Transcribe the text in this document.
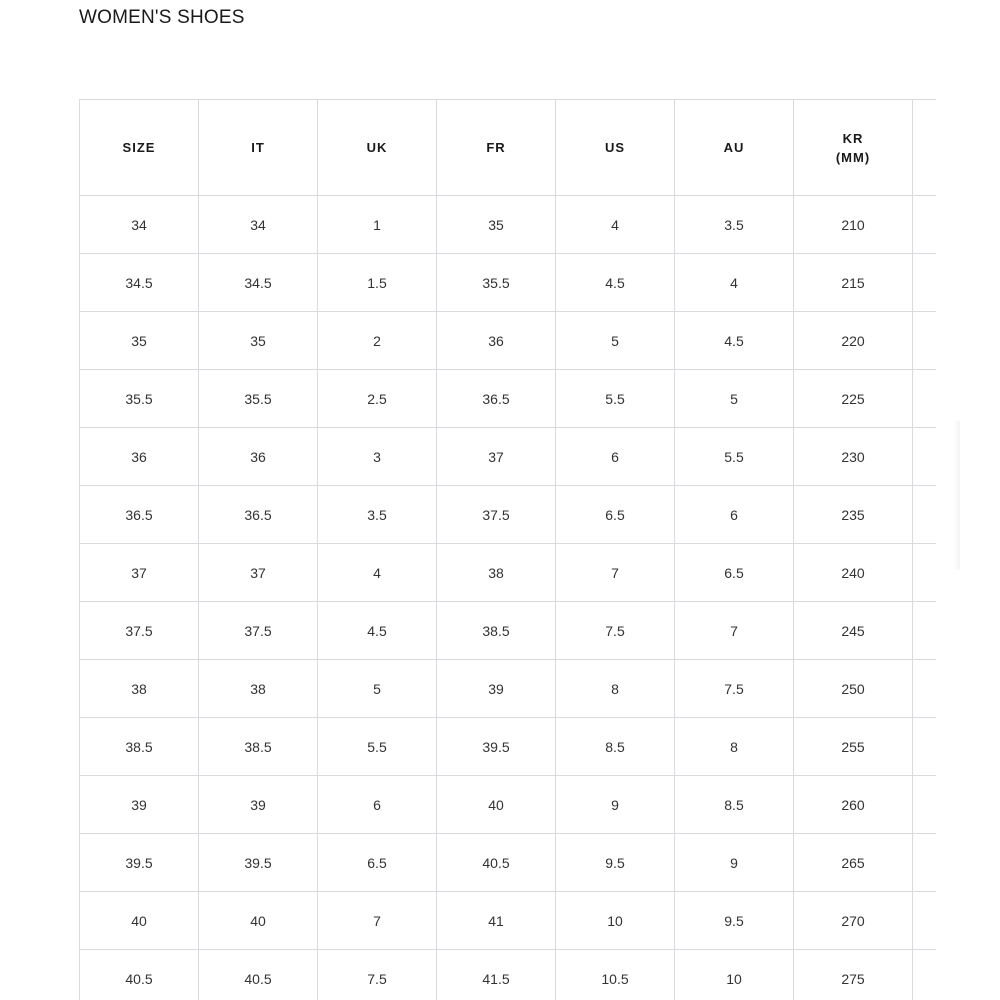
WOMEN'S SHOES
SIZE	IT	UK	FR	US	AU	KR
(MM)	
34	34	1	35	4	3.5	210	
34.5	34.5	1.5	35.5	4.5	4	215	
35	35	2	36	5	4.5	220	
35.5	35.5	2.5	36.5	5.5	5	225	
36	36	3	37	6	5.5	230	
36.5	36.5	3.5	37.5	6.5	6	235	
37	37	4	38	7	6.5	240	
37.5	37.5	4.5	38.5	7.5	7	245	
38	38	5	39	8	7.5	250	
38.5	38.5	5.5	39.5	8.5	8	255	
39	39	6	40	9	8.5	260	
39.5	39.5	6.5	40.5	9.5	9	265	
40	40	7	41	10	9.5	270	
40.5	40.5	7.5	41.5	10.5	10	275	
